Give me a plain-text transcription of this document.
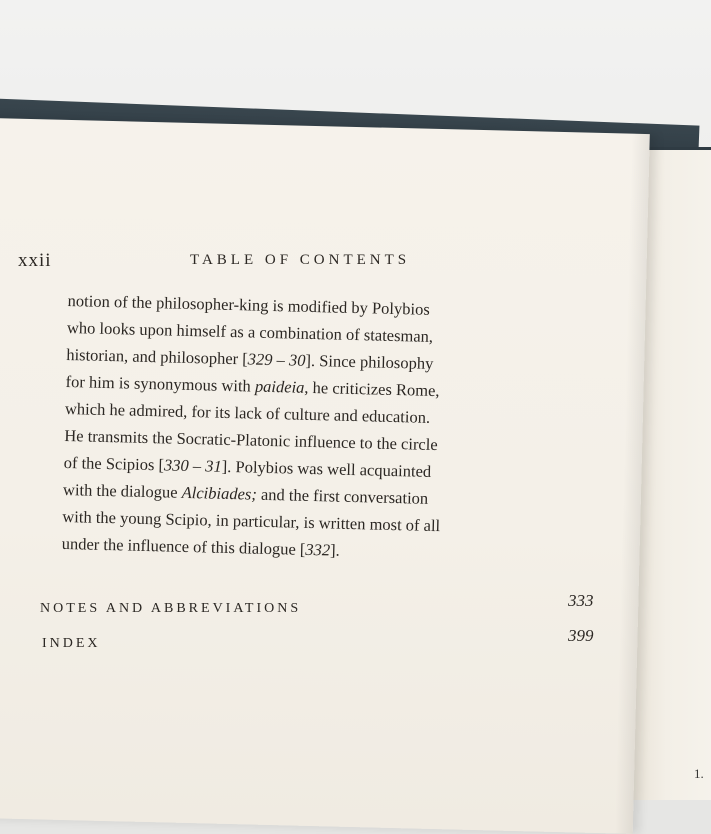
xxii	TABLE OF CONTENTS
notion of the philosopher-king is modified by Polybios
who looks upon himself as a combination of statesman,
historian, and philosopher [329 – 30]. Since philosophy
for him is synonymous with paideia, he criticizes Rome,
which he admired, for its lack of culture and education.
He transmits the Socratic-Platonic influence to the circle
of the Scipios [330 – 31]. Polybios was well acquainted
with the dialogue Alcibiades; and the first conversation
with the young Scipio, in particular, is written most of all
under the influence of this dialogue [332].
NOTES AND ABBREVIATIONS	333
INDEX	399
1.
